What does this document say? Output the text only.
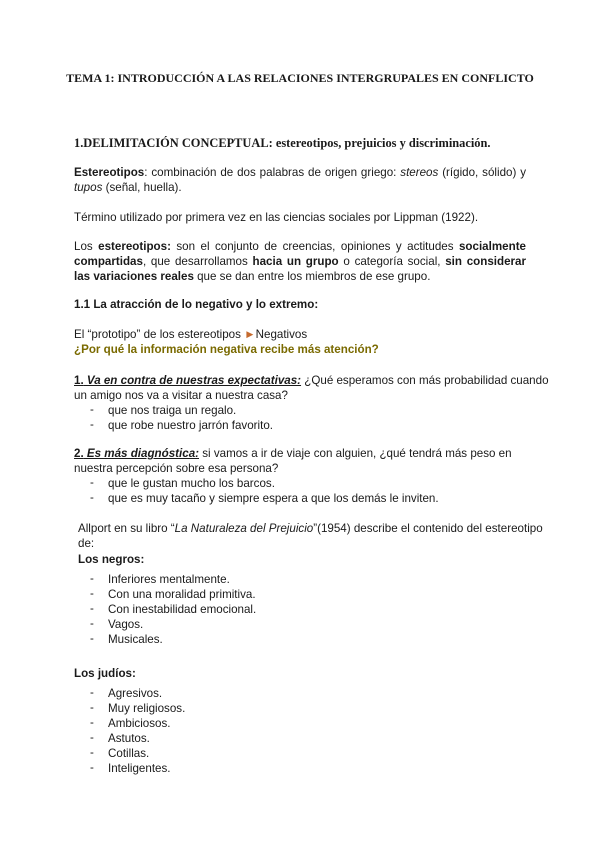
TEMA 1: INTRODUCCIÓN A LAS RELACIONES INTERGRUPALES EN CONFLICTO
1.DELIMITACIÓN CONCEPTUAL: estereotipos, prejuicios y discriminación.
Estereotipos: combinación de dos palabras de origen griego: stereos (rígido, sólido) y tupos (señal, huella).
Término utilizado por primera vez en las ciencias sociales por Lippman (1922).
Los estereotipos: son el conjunto de creencias, opiniones y actitudes socialmente compartidas, que desarrollamos hacia un grupo o categoría social, sin considerar las variaciones reales que se dan entre los miembros de ese grupo.
1.1 La atracción de lo negativo y lo extremo:
El “prototipo” de los estereotipos ►Negativos
¿Por qué la información negativa recibe más atención?
1. Va en contra de nuestras expectativas: ¿Qué esperamos con más probabilidad cuando
un amigo nos va a visitar a nuestra casa?
- que nos traiga un regalo.
- que robe nuestro jarrón favorito.
2. Es más diagnóstica: si vamos a ir de viaje con alguien, ¿qué tendrá más peso en
nuestra percepción sobre esa persona?
- que le gustan mucho los barcos.
- que es muy tacaño y siempre espera a que los demás le inviten.
Allport en su libro “La Naturaleza del Prejuicio”(1954) describe el contenido del estereotipo
de:
Los negros:
- Inferiores mentalmente.
- Con una moralidad primitiva.
- Con inestabilidad emocional.
- Vagos.
- Musicales.
Los judíos:
- Agresivos.
- Muy religiosos.
- Ambiciosos.
- Astutos.
- Cotillas.
- Inteligentes.
